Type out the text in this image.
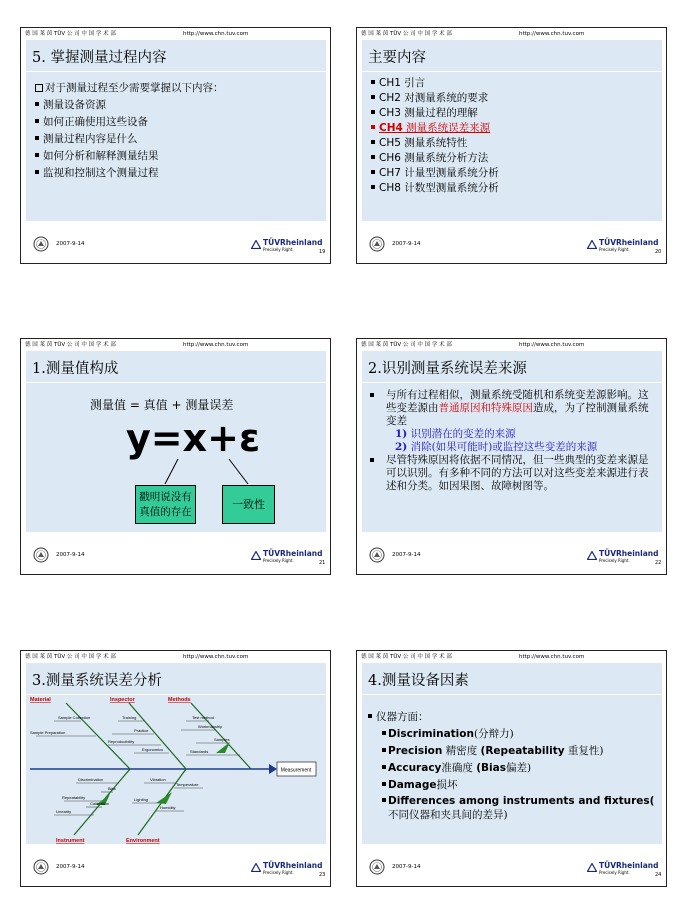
德 国 莱 茵 TÜV 公 司 中 国 学 术 部	http://www.chn.tuv.com
5. 掌握测量过程内容
对于测量过程至少需要掌握以下内容：
测量设备资源
如何正确使用这些设备
测量过程内容是什么
如何分析和解释测量结果
监视和控制这个测量过程
2007-9-14	TÜVRheinland
Precisely Right.	19
德 国 莱 茵 TÜV 公 司 中 国 学 术 部	http://www.chn.tuv.com
主要内容
CH1 引言
CH2 对测量系统的要求
CH3 测量过程的理解
CH4 测量系统误差来源
CH5 测量系统特性
CH6 测量系统分析方法
CH7 计量型测量系统分析
CH8 计数型测量系统分析
2007-9-14	TÜVRheinland
Precisely Right.	20
德 国 莱 茵 TÜV 公 司 中 国 学 术 部	http://www.chn.tuv.com
1.测量值构成
测量值 = 真值 + 测量误差
y=x+ε
戳明说没有真值的存在
一致性
2007-9-14	TÜVRheinland
Precisely Right.	21
德 国 莱 茵 TÜV 公 司 中 国 学 术 部	http://www.chn.tuv.com
2.识别测量系统误差来源
与所有过程相似，测量系统受随机和系统变差源影响。这些变差源由普通原因和特殊原因造成，为了控制测量系统变差
1) 识别潜在的变差的来源
2) 消除(如果可能时)或监控这些变差的来源
尽管特殊原因将依据不同情况，但一些典型的变差来源是可以识别。有多种不同的方法可以对这些变差来源进行表述和分类。如因果图、故障树图等。
2007-9-14	TÜVRheinland
Precisely Right.	22
德 国 莱 茵 TÜV 公 司 中 国 学 术 部	http://www.chn.tuv.com
3.测量系统误差分析
Measurement
Material	Inspector	Methods
Instrument	Environment
Sample Collection
Sample Preparation
Training
Practice
Reproducibility
Ergonomics
Test method
Workmanship
Samples
Standards
Discrimination
Bias
Repeatability
Calibration
Linearity
Vibration
Temperature
Lighting
Humidity
2007-9-14	TÜVRheinland
Precisely Right.	23
德 国 莱 茵 TÜV 公 司 中 国 学 术 部	http://www.chn.tuv.com
4.测量设备因素
仪器方面：
Discrimination(分辩力)
Precision 精密度 (Repeatability 重复性)
Accuracy准确度 (Bias偏差)
Damage损坏
Differences among instruments and fixtures(
不同仪器和夹具间的差异)
2007-9-14	TÜVRheinland
Precisely Right.	24
